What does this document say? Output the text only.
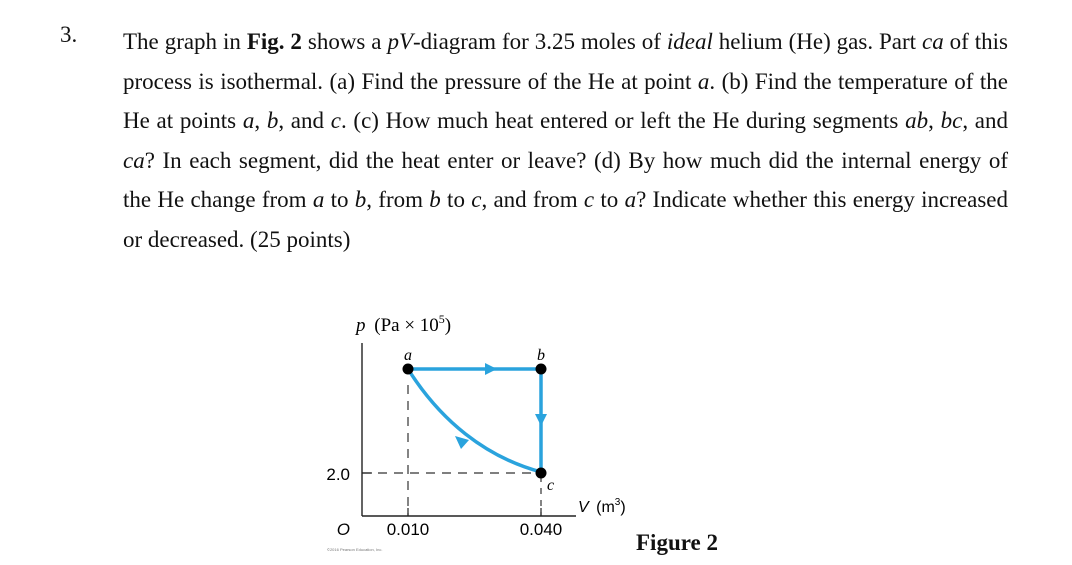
3. The graph in Fig. 2 shows a pV-diagram for 3.25 moles of ideal helium (He) gas. Part ca of this process is isothermal. (a) Find the pressure of the He at point a. (b) Find the temperature of the He at points a, b, and c. (c) How much heat entered or left the He during segments ab, bc, and ca? In each segment, did the heat enter or leave? (d) By how much did the internal energy of the He change from a to b, from b to c, and from c to a? Indicate whether this energy increased or decreased. (25 points)

p $(Pa \times 10^5)$
V $(m^3)$
2.0
O 0.010	0.040
a	b
c
©2016 Pearson Education, Inc.	Figure 2
